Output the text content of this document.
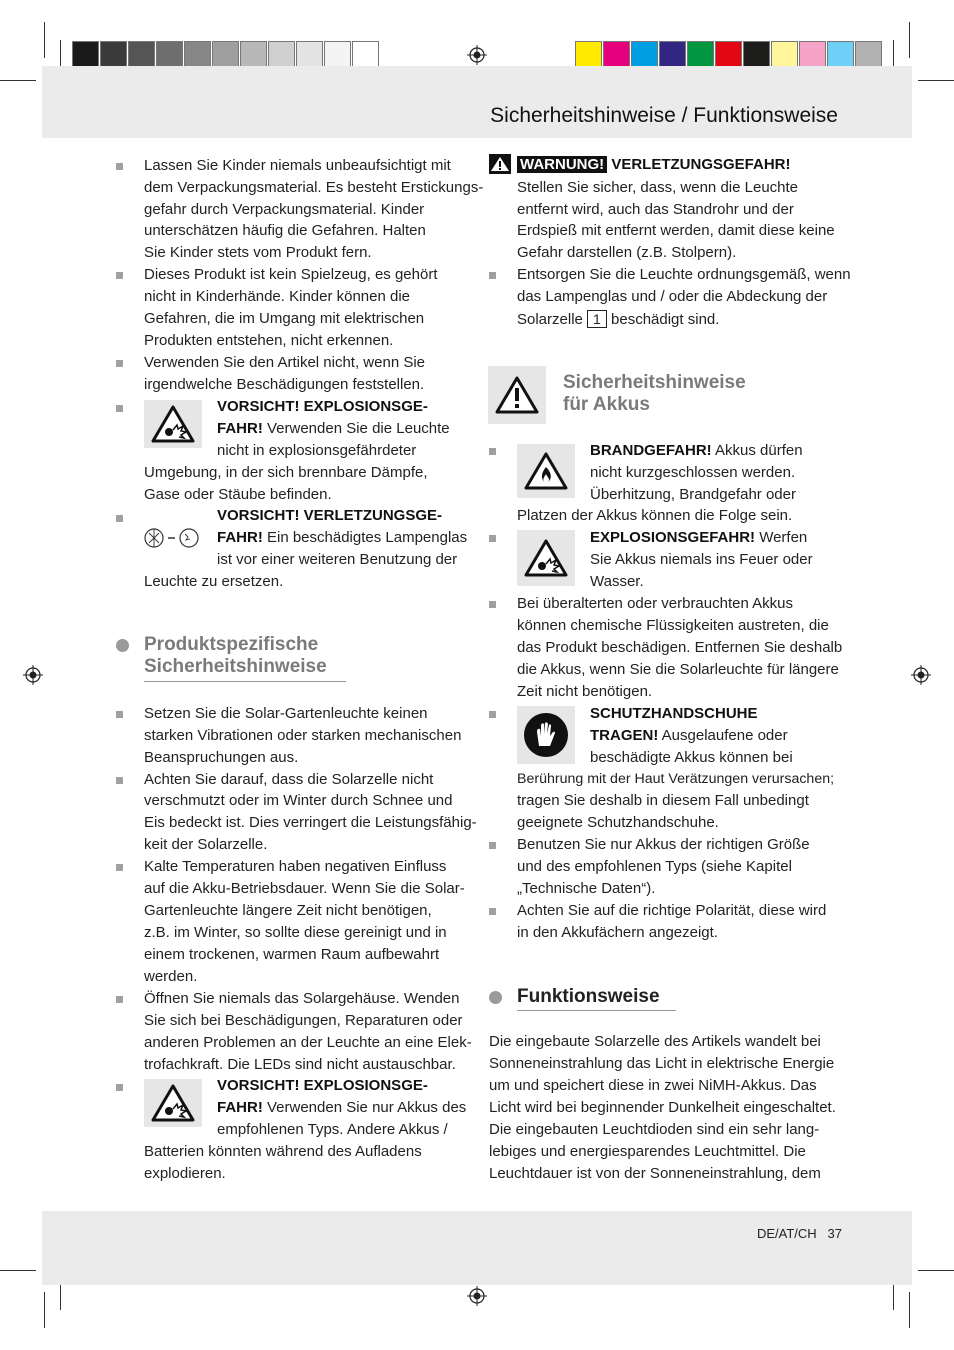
Sicherheitshinweise / Funktionsweise
DE/AT/CH 37
Lassen Sie Kinder niemals unbeaufsichtigt mit
dem Verpackungsmaterial. Es besteht Erstickungs-
gefahr durch Verpackungsmaterial. Kinder
unterschätzen häufig die Gefahren. Halten
Sie Kinder stets vom Produkt fern.
Dieses Produkt ist kein Spielzeug, es gehört
nicht in Kinderhände. Kinder können die
Gefahren, die im Umgang mit elektrischen
Produkten entstehen, nicht erkennen.
Verwenden Sie den Artikel nicht, wenn Sie
irgendwelche Beschädigungen feststellen.
VORSICHT! EXPLOSIONSGE-
FAHR! Verwenden Sie die Leuchte
nicht in explosionsgefährdeter
Umgebung, in der sich brennbare Dämpfe,
Gase oder Stäube befinden.
VORSICHT! VERLETZUNGSGE-
FAHR! Ein beschädigtes Lampenglas
ist vor einer weiteren Benutzung der
Leuchte zu ersetzen.
Produktspezifische
Sicherheitshinweise
Setzen Sie die Solar-Gartenleuchte keinen
starken Vibrationen oder starken mechanischen
Beanspruchungen aus.
Achten Sie darauf, dass die Solarzelle nicht
verschmutzt oder im Winter durch Schnee und
Eis bedeckt ist. Dies verringert die Leistungsfähig-
keit der Solarzelle.
Kalte Temperaturen haben negativen Einfluss
auf die Akku-Betriebsdauer. Wenn Sie die Solar-
Gartenleuchte längere Zeit nicht benötigen,
z.B. im Winter, so sollte diese gereinigt und in
einem trockenen, warmen Raum aufbewahrt
werden.
Öffnen Sie niemals das Solargehäuse. Wenden
Sie sich bei Beschädigungen, Reparaturen oder
anderen Problemen an der Leuchte an eine Elek-
trofachkraft. Die LEDs sind nicht austauschbar.
VORSICHT! EXPLOSIONSGE-
FAHR! Verwenden Sie nur Akkus des
empfohlenen Typs. Andere Akkus /
Batterien könnten während des Aufladens
explodieren.
WARNUNG! VERLETZUNGSGEFAHR!
Stellen Sie sicher, dass, wenn die Leuchte
entfernt wird, auch das Standrohr und der
Erdspieß mit entfernt werden, damit diese keine
Gefahr darstellen (z.B. Stolpern).
Entsorgen Sie die Leuchte ordnungsgemäß, wenn
das Lampenglas und / oder die Abdeckung der
Solarzelle 1 beschädigt sind.
Sicherheitshinweise
für Akkus
BRANDGEFAHR! Akkus dürfen
nicht kurzgeschlossen werden.
Überhitzung, Brandgefahr oder
Platzen der Akkus können die Folge sein.
EXPLOSIONSGEFAHR! Werfen
Sie Akkus niemals ins Feuer oder
Wasser.
Bei überalterten oder verbrauchten Akkus
können chemische Flüssigkeiten austreten, die
das Produkt beschädigen. Entfernen Sie deshalb
die Akkus, wenn Sie die Solarleuchte für längere
Zeit nicht benötigen.
SCHUTZHANDSCHUHE
TRAGEN! Ausgelaufene oder
beschädigte Akkus können bei
Berührung mit der Haut Verätzungen verursachen;
tragen Sie deshalb in diesem Fall unbedingt
geeignete Schutzhandschuhe.
Benutzen Sie nur Akkus der richtigen Größe
und des empfohlenen Typs (siehe Kapitel
„Technische Daten“).
Achten Sie auf die richtige Polarität, diese wird
in den Akkufächern angezeigt.
Funktionsweise
Die eingebaute Solarzelle des Artikels wandelt bei
Sonneneinstrahlung das Licht in elektrische Energie
um und speichert diese in zwei NiMH-Akkus. Das
Licht wird bei beginnender Dunkelheit eingeschaltet.
Die eingebauten Leuchtdioden sind ein sehr lang-
lebiges und energiesparendes Leuchtmittel. Die
Leuchtdauer ist von der Sonneneinstrahlung, dem
